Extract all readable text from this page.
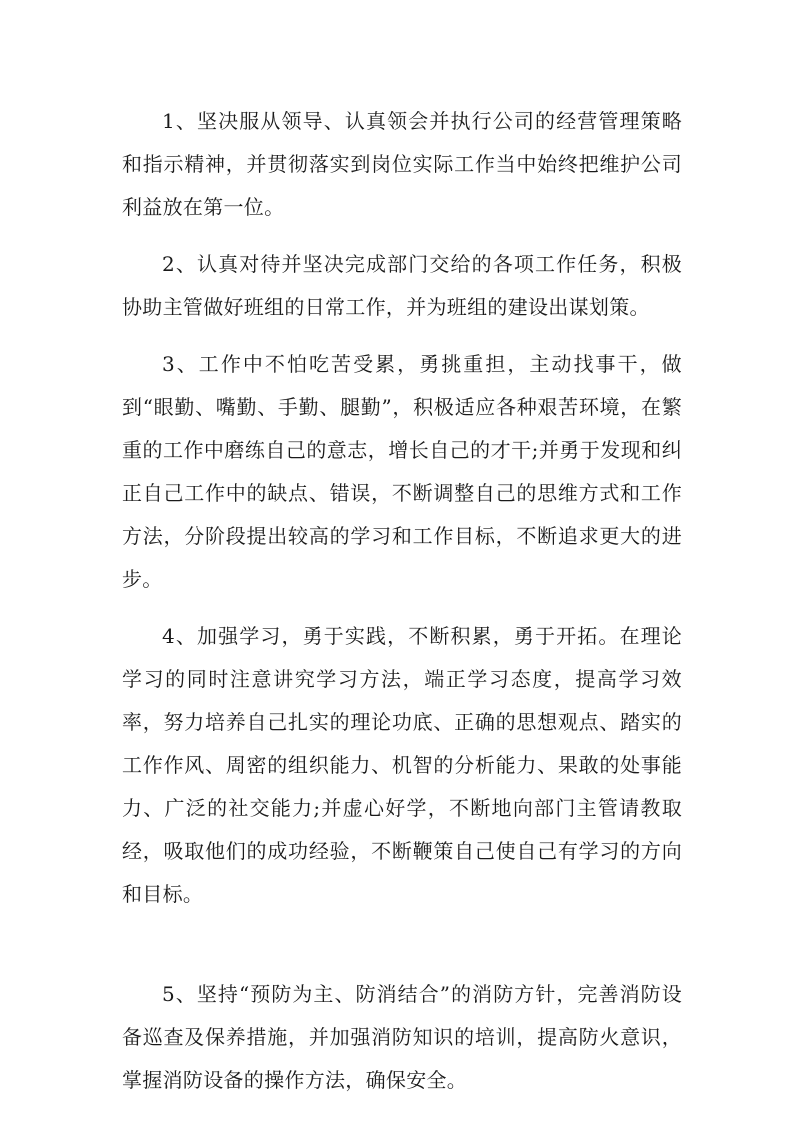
1、坚决服从领导、认真领会并执行公司的经营管理策略和指示精神，并贯彻落实到岗位实际工作当中始终把维护公司利益放在第一位。

2、认真对待并坚决完成部门交给的各项工作任务，积极协助主管做好班组的日常工作，并为班组的建设出谋划策。

3、工作中不怕吃苦受累，勇挑重担，主动找事干，做到“眼勤、嘴勤、手勤、腿勤”，积极适应各种艰苦环境，在繁重的工作中磨练自己的意志，增长自己的才干;并勇于发现和纠正自己工作中的缺点、错误，不断调整自己的思维方式和工作方法，分阶段提出较高的学习和工作目标，不断追求更大的进步。

4、加强学习，勇于实践，不断积累，勇于开拓。在理论学习的同时注意讲究学习方法，端正学习态度，提高学习效率，努力培养自己扎实的理论功底、正确的思想观点、踏实的工作作风、周密的组织能力、机智的分析能力、果敢的处事能力、广泛的社交能力;并虚心好学，不断地向部门主管请教取经，吸取他们的成功经验，不断鞭策自己使自己有学习的方向和目标。

5、坚持“预防为主、防消结合”的消防方针，完善消防设备巡查及保养措施，并加强消防知识的培训，提高防火意识，掌握消防设备的操作方法，确保安全。
